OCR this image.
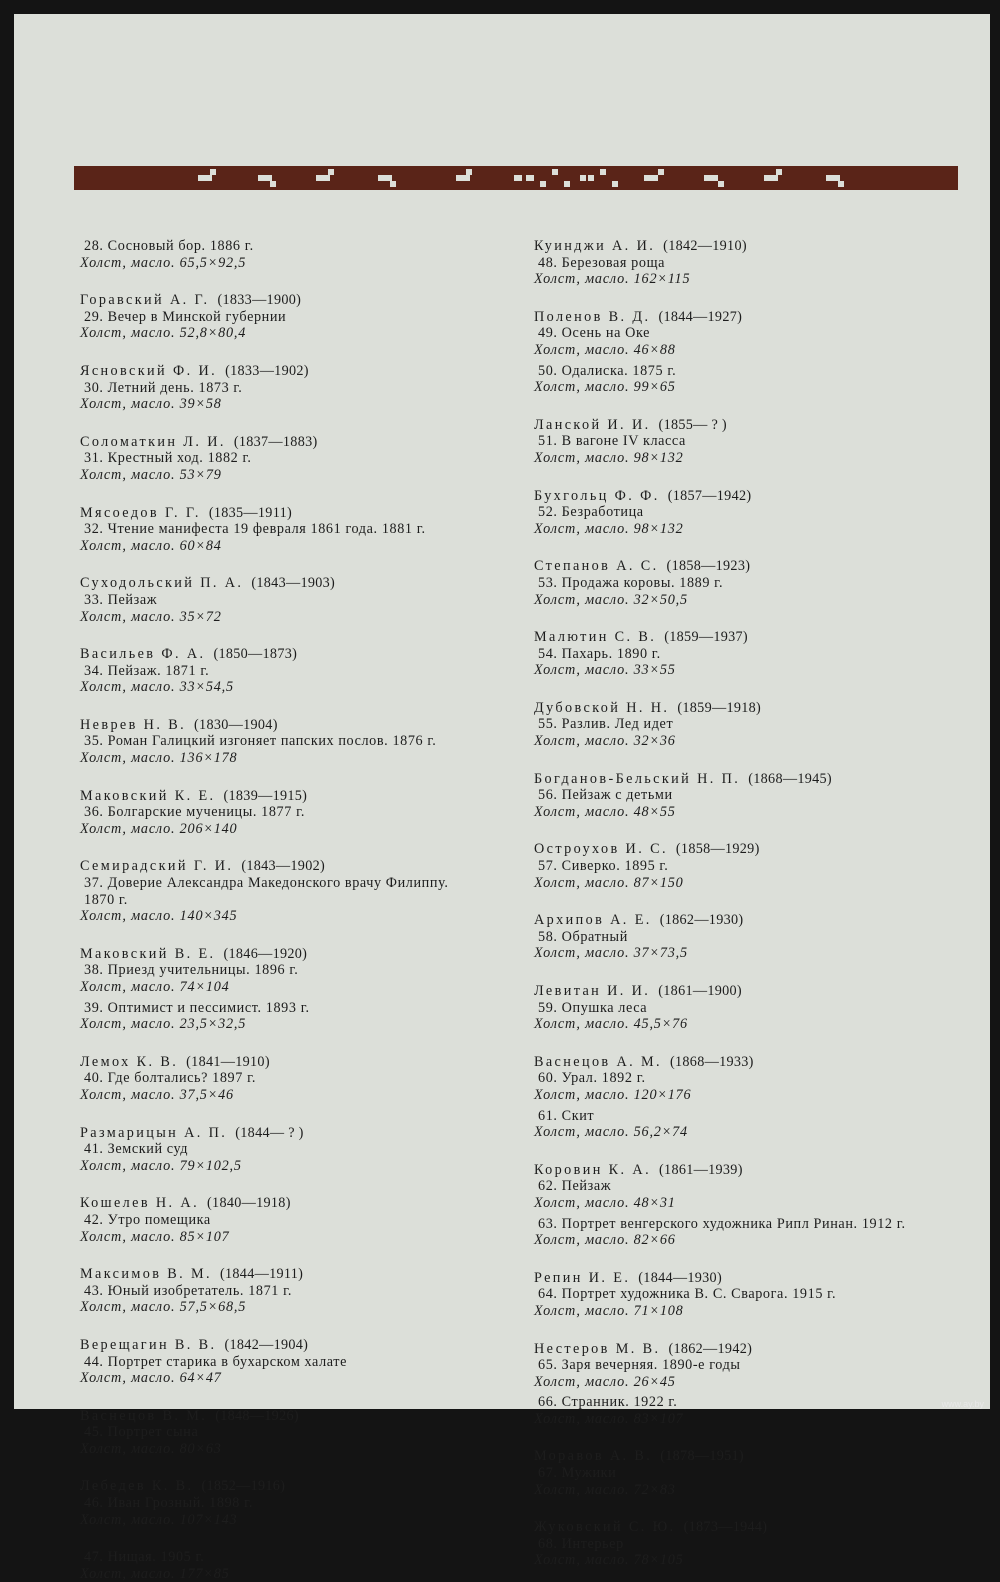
28. Сосновый бор. 1886 г.
Холст, масло. 65,5×92,5
Горавский А. Г. (1833—1900)
29. Вечер в Минской губернии
Холст, масло. 52,8×80,4
Ясновский Ф. И. (1833—1902)
30. Летний день. 1873 г.
Холст, масло. 39×58
Соломаткин Л. И. (1837—1883)
31. Крестный ход. 1882 г.
Холст, масло. 53×79
Мясоедов Г. Г. (1835—1911)
32. Чтение манифеста 19 февраля 1861 года. 1881 г.
Холст, масло. 60×84
Суходольский П. А. (1843—1903)
33. Пейзаж
Холст, масло. 35×72
Васильев Ф. А. (1850—1873)
34. Пейзаж. 1871 г.
Холст, масло. 33×54,5
Неврев Н. В. (1830—1904)
35. Роман Галицкий изгоняет папских послов. 1876 г.
Холст, масло. 136×178
Маковский К. Е. (1839—1915)
36. Болгарские мученицы. 1877 г.
Холст, масло. 206×140
Семирадский Г. И. (1843—1902)
37. Доверие Александра Македонского врачу Филиппу.
1870 г.
Холст, масло. 140×345
Маковский В. Е. (1846—1920)
38. Приезд учительницы. 1896 г.
Холст, масло. 74×104
39. Оптимист и пессимист. 1893 г.
Холст, масло. 23,5×32,5
Лемох К. В. (1841—1910)
40. Где болтались? 1897 г.
Холст, масло. 37,5×46
Размарицын А. П. (1844— ? )
41. Земский суд
Холст, масло. 79×102,5
Кошелев Н. А. (1840—1918)
42. Утро помещика
Холст, масло. 85×107
Максимов В. М. (1844—1911)
43. Юный изобретатель. 1871 г.
Холст, масло. 57,5×68,5
Верещагин В. В. (1842—1904)
44. Портрет старика в бухарском халате
Холст, масло. 64×47
Васнецов В. М. (1848—1926)
45. Портрет сына
Холст, масло. 80×63
Лебедев К. В. (1852—1916)
46. Иван Грозный. 1898 г.
Холст, масло. 107×143
47. Нищая. 1905 г.
Холст, масло. 177×85
Куинджи А. И. (1842—1910)
48. Березовая роща
Холст, масло. 162×115
Поленов В. Д. (1844—1927)
49. Осень на Оке
Холст, масло. 46×88
50. Одалиска. 1875 г.
Холст, масло. 99×65
Ланской И. И. (1855— ? )
51. В вагоне IV класса
Холст, масло. 98×132
Бухгольц Ф. Ф. (1857—1942)
52. Безработица
Холст, масло. 98×132
Степанов А. С. (1858—1923)
53. Продажа коровы. 1889 г.
Холст, масло. 32×50,5
Малютин С. В. (1859—1937)
54. Пахарь. 1890 г.
Холст, масло. 33×55
Дубовской Н. Н. (1859—1918)
55. Разлив. Лед идет
Холст, масло. 32×36
Богданов-Бельский Н. П. (1868—1945)
56. Пейзаж с детьми
Холст, масло. 48×55
Остроухов И. С. (1858—1929)
57. Сиверко. 1895 г.
Холст, масло. 87×150
Архипов А. Е. (1862—1930)
58. Обратный
Холст, масло. 37×73,5
Левитан И. И. (1861—1900)
59. Опушка леса
Холст, масло. 45,5×76
Васнецов А. М. (1868—1933)
60. Урал. 1892 г.
Холст, масло. 120×176
61. Скит
Холст, масло. 56,2×74
Коровин К. А. (1861—1939)
62. Пейзаж
Холст, масло. 48×31
63. Портрет венгерского художника Рипл Ринан. 1912 г.
Холст, масло. 82×66
Репин И. Е. (1844—1930)
64. Портрет художника В. С. Сварога. 1915 г.
Холст, масло. 71×108
Нестеров М. В. (1862—1942)
65. Заря вечерняя. 1890-е годы
Холст, масло. 26×45
66. Странник. 1922 г.
Холст, масло. 83×107
Моравов А. В. (1878—1951)
67. Мужики
Холст, масло. 72×83
Жуковский С. Ю. (1873—1944)
68. Интерьер
Холст, масло. 78×105
www.ay.by
